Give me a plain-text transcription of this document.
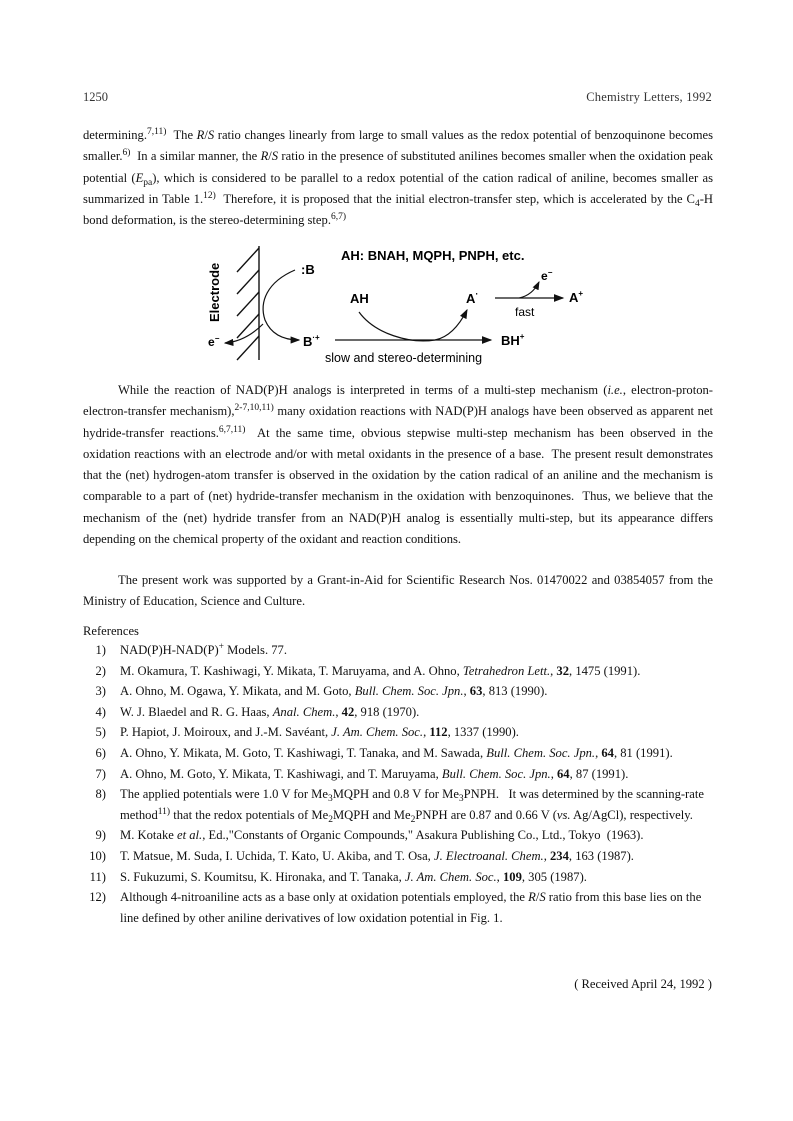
1250	Chemistry Letters, 1992
determining.$^{7,11)}$  The R/S ratio changes linearly from large to small values as the redox potential of benzoquinone becomes smaller.$^{6)}$  In a similar manner, the R/S ratio in the presence of substituted anilines becomes smaller when the oxidation peak potential $(E_{pa})$, which is considered to be parallel to a redox potential of the cation radical of aniline, becomes smaller as summarized in Table 1.$^{12)}$  Therefore, it is proposed that the initial electron-transfer step, which is accelerated by the $C_4-H$ bond deformation, is the stereo-determining step.$^{6,7)}$
Electrode	:B
AH: BNAH, MQPH, PNPH, etc.
e−	B·+
AH	A·
BH+
e−
A+
fast
slow and stereo-determining
While the reaction of NAD(P)H analogs is interpreted in terms of a multi-step mechanism (i.e., electron-proton-electron-transfer mechanism),$^{2-7,10,11)}$ many oxidation reactions with NAD(P)H analogs have been observed as apparent net hydride-transfer reactions.$^{6,7,11)}$  At the same time, obvious stepwise multi-step mechanism has been observed in the oxidation reactions with an electrode and/or with metal oxidants in the presence of a base.  The present result demonstrates that the (net) hydrogen-atom transfer is observed in the oxidation by the cation radical of an aniline and the mechanism is comparable to a part of (net) hydride-transfer mechanism in the oxidation with benzoquinones.  Thus, we believe that the mechanism of the (net) hydride transfer from an NAD(P)H analog is essentially multi-step, but its appearance differs depending on the chemical property of the oxidant and reaction conditions.
The present work was supported by a Grant-in-Aid for Scientific Research Nos. 01470022 and 03854057 from the Ministry of Education, Science and Culture.
References
1) NAD(P)H-NAD(P)+ Models. 77.
2) M. Okamura, T. Kashiwagi, Y. Mikata, T. Maruyama, and A. Ohno, Tetrahedron Lett., 32, 1475 (1991).
3) A. Ohno, M. Ogawa, Y. Mikata, and M. Goto, Bull. Chem. Soc. Jpn., 63, 813 (1990).
4) W. J. Blaedel and R. G. Haas, Anal. Chem., 42, 918 (1970).
5) P. Hapiot, J. Moiroux, and J.-M. Savéant, J. Am. Chem. Soc., 112, 1337 (1990).
6) A. Ohno, Y. Mikata, M. Goto, T. Kashiwagi, T. Tanaka, and M. Sawada, Bull. Chem. Soc. Jpn., 64, 81 (1991).
7) A. Ohno, M. Goto, Y. Mikata, T. Kashiwagi, and T. Maruyama, Bull. Chem. Soc. Jpn., 64, 87 (1991).
8) The applied potentials were 1.0 V for $Me_3MQPH$ and 0.8 V for $Me_3PNPH$.   It was determined by the scanning-rate method$^{11)}$ that the redox potentials of $Me_2MQPH$ and $Me_2PNPH$ are 0.87 and 0.66 V (vs. Ag/AgCl), respectively.
9) M. Kotake et al., Ed.,"Constants of Organic Compounds," Asakura Publishing Co., Ltd., Tokyo  (1963).
10) T. Matsue, M. Suda, I. Uchida, T. Kato, U. Akiba, and T. Osa, J. Electroanal. Chem., 234, 163 (1987).
11) S. Fukuzumi, S. Koumitsu, K. Hironaka, and T. Tanaka, J. Am. Chem. Soc., 109, 305 (1987).
12) Although 4-nitroaniline acts as a base only at oxidation potentials employed, the R/S ratio from this base lies on the line defined by other aniline derivatives of low oxidation potential in Fig. 1.
( Received April 24, 1992 )
